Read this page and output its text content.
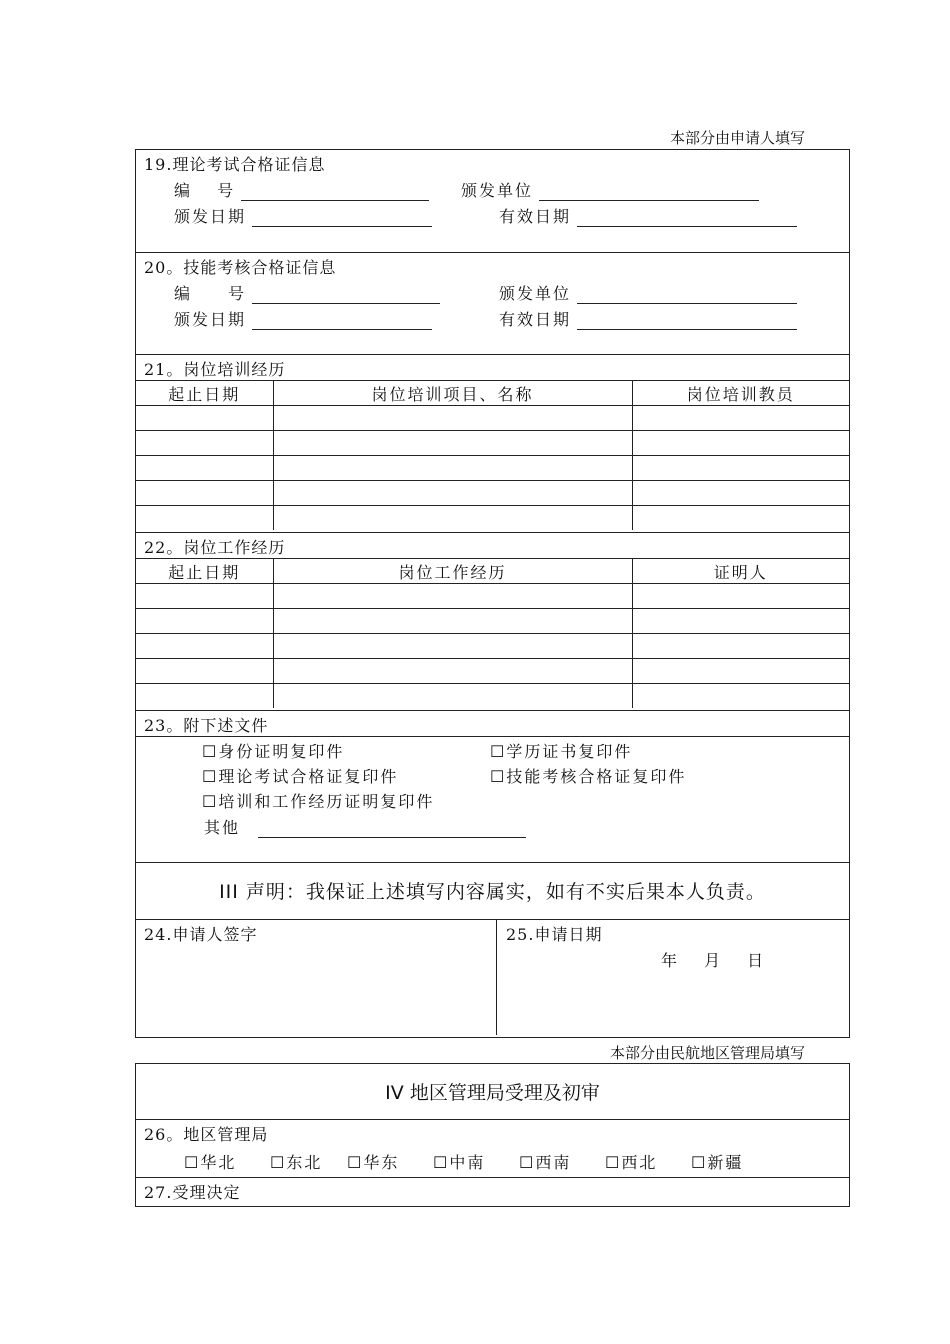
本部分由申请人填写
19.理论考试合格证信息
编　 号	颁发单位
颁发日期	有效日期
20。技能考核合格证信息
编　　号	颁发单位
颁发日期	有效日期
21。岗位培训经历
起止日期	岗位培训项目、名称	岗位培训教员

22。岗位工作经历
起止日期	岗位工作经历	证明人

23。附下述文件
☐身份证明复印件	☐学历证书复印件
☐理论考试合格证复印件	☐技能考核合格证复印件
☐培训和工作经历证明复印件
其他
III 声明：我保证上述填写内容属实，如有不实后果本人负责。
24.申请人签字	25.申请日期
年　 月　 日
本部分由民航地区管理局填写
IV 地区管理局受理及初审
26。地区管理局
☐华北 ☐东北 ☐华东 ☐中南 ☐西南 ☐西北 ☐新疆
27.受理决定
